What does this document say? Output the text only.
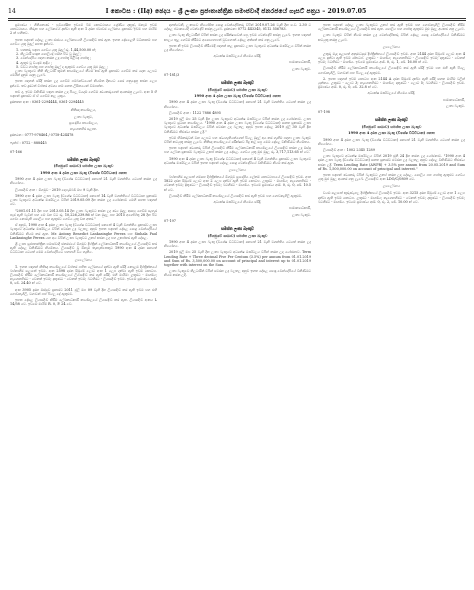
14	I කොටස : (IIඅ) ඡෙදය – ශ්‍රී ලංකා ප්‍රජාතාන්ත්‍රික සමාජවාදී ජනරජයේ ගැසට් පත්‍රය – 2019.07.05
ප්‍රමාණය : ගිනිකොණ - සුවිශේෂිත ඉඩමේ බිම් කොට්ඨාශය ශ්‍රේණිය දකුණු ඕනෑම ඉඩම් කොට්ඨාශය. නිරුත සහ ලේඛනයේ දක්වා ඇති අංක 1 දරන ස්ථාවර ලේඛනය ප්‍රකාරව ඉඩම් සහ මායිම් 2 ක් සහිතව.
ඉහත සඳහන් දේපළ ලංකා රාජ්‍යය ලේඛනයෙහි ලියාපදිංචි කර ඇත. ඉහත දේපළෙහි වටිනාකම සහ ගෙවිය යුතු මුදල් පහත දැක්වේ.
1. සහකරු සඳහා ගෙවිය යුතු මුදල් රු. 1,44,500.00 ක්;
2. නිලධාරී පාදක පොලියද සමඟ සිට වූ මුදල් ;
3. වෙන්දේසිය සඳහා කරන ලද ගාස්තු පිළිබඳ ගාස්තු ;
4. ඇතුළු වූ වියදම් ආදිය ;
5. විවිධ ගාස්තු සහ ගාස්තු මුදල් ද ඇතුළුව ගෙවිය යුතු මුළු මුදල ;
ලංකා බැංකුවේ නීති නිලධාරී තුමන් කාර්යාලයේ නියම කර ඇති ප්‍රකාරව ගෙවීම් කර දෙන ලෙසට මෙයින් දැනුම් දෙනු ලැබේ.
ඉහත සඳහන් පරිදි කරන ලද ගෙවීම් සම්බන්ධයෙන් නියමිත දිනයට පෙර ගනුදෙනු කරන ලෙස දැන්වේ. තව දුරටත් විස්තර අවශ්‍ය නම් පහත ලිපිනයෙන් විමසන්න.
තව ද, ඉඩම විකිණීම සඳහා කරන ලද සියලු වියදම් ගෙවීම ණයකරුගෙන් අයකරනු ලැබේ. අංක 5 හි සඳහන් ප්‍රකාරව ඒ ඒ ගෙවීම් කළ යුතුය.
දුරකතන අංක : 0361-2294444, 0361-2294445
නීතිඥ කාර්යාලය,
ලංකා බැංකුව,
ප්‍රාදේශීය කාර්යාලය,
නැගෙනහිර පළාත.
දුරකථන : 0777-978464 / 0718-424478
ෆැක්ස් : 0712 - 888445
07-166
සමස්ත ලංකා බැංකුව
(මීගමුවේ ශාඛාව) සමස්ත ලංකා බැංකුව
1990 අංක 4 දරන ලංකා බැංකු (විශේෂ විධිවිධාන) පනත
1990 අංක 4 දරන ලංකා බැංකු (විශේෂ විධිවිධාන) පනතේ 21 වැනි වගන්තිය යටතේ කරන ලද නියෝගය.
ලියාපදිංචි අංක : මීගමුව - 2019 දෙසැම්බර් මස 9 වැනි දින.
1990 අංක 4 දරන ලංකා බැංකු (විශේෂ විධිවිධාන) පනතේ 14 වැනි වගන්තියේ විධිවිධාන ප්‍රකාරව ලංකා බැංකුවේ අධ්‍යක්ෂ මණ්ඩලය විසින් 2019.05.09 දින කරන ලද යෝජනාව මෙහි පහත සඳහන් වේ.
"2001.01.11 දින සහ 2013.05.14 දින ලංකා බැංකුවට කරන ලද ණය මුදල ආපසු ගෙවීම පැහැර හැර ඇති බැවින් සහ මේ වන විට රු. 10,226,239.86 ක් වන මුදල සහ 2015 අගෝස්තු 28 දින සිට ගෙවා නොමැති පොලිය සහ ඇතුළුව ගෙවිය යුතු වන අතර."
ඒ අනුව, 1990 අංක 4 දරන ලංකා බැංකු (විශේෂ විධිවිධාන) පනතේ 4 වැනි වගන්තිය ප්‍රකාරව ලංකා බැංකුවේ අධ්‍යක්ෂ මණ්ඩලය විසින් පවරන ලද බලතල අනුව ඉහත සඳහන් දේපළ පොදු වෙන්දේසියේ විකිණීමට නියම කර ඇත. Mr. Antony Benedict Lankasinghe Perera සහ Sinhala Paul Lankasinghe Perera යන අය විසින් ලංකා බැංකුවට උකස් කරන ලද සහ උකස්කර ඇති දේපළ.
ශ්‍රී ලංකා ප්‍රජාතාන්ත්‍රික සමාජවාදී ජනරජයේ මීගමුව දිස්ත්‍රික් ලේඛකාධිකාරී කාර්යාලයේ ලියාපදිංචි කර ඇති දේපළ විකිණීමට නියමිතය. ලියාපදිංචි වූ ඕනෑම තැනැත්තෙකුට 1990 අංක 4 දරන පනතේ විධිවිධාන යටතේ මෙම වෙන්දේසියට සහභාගී විය හැකිය.
උපලේඛනය
1. ඉහත සඳහන් නීතිඥ කාර්යාලයේ විස්තර සහිත ලේඛනයේ දක්වා ඇති පරිදි කොළඹ දිස්ත්‍රික්කයේ බස්නාහිර පළාතේ ඉඩම. අංක 2598 දරන පිඹුරේ ලොට් අංක 1 ලෙස දක්වා ඇති ඉඩම් කොටස. ලියාපදිංචි කිරීම් ලේඛකාධිකාරී කාර්යාලයේ ලියාපදිංචි කර ඇති පරිදි. එහි මායිම්: උතුරට - මාර්ගය; නැගෙනහිරට - වෙනත් ඉඩම; දකුණට - වෙනත් ඉඩම; බටහිරට - ලියාපදිංචි ඉඩම. ඉඩමේ ප්‍රමාණය ආර්. 0, පර්. 24.40 ක් වේ.
අංක 3905 දරන ඔප්පුව ප්‍රකාරව 2011 ජූලි මස 09 වැනි දින ලියාපදිංචි කර ඇති ඉඩම සහ එහි ගොඩනැගිලි, වගාවන් සහ සියලු දේ ඇතුළුව.
ඉහත දේපළ ලියාපදිංචි කිරීම් ලේඛකාධිකාරී කාර්යාලයේ ලියාපදිංචි කර ඇත. ලියාපදිංචි අංකය L 14/58 වේ. ඉඩමේ මායිම් R. 0, P. 24 වේ.
දාහත්වෙනි, ලංකාවේ නියෝජිත පොදු වෙන්දේසිකරු විසින් 2019.07.26 වැනි දින ප.ව. 2.30 ට දේපළ ස්ථානයේදී වෙන්දේසි කරනු ලැබේ. දුරකථන: 0772 443345, 0112 556783.
ලංකා බැංකු නිලධාරීන් විසින් කරන ලද පරීක්ෂාවෙන් පසු ඉඩම වෙන්දේසි කරනු ලැබේ. ඉහත සඳහන් කාලය තුළ ගෙවීම් කිරීමට අපොහොසත් වුවහොත් දේපළ අත්පත් කර ගනු ලැබේ.
ඉහත කී ඉඩම ලියාපදිංචි කිරීමේදී සඳහන් කළ ප්‍රකාරව ලංකා බැංකුවේ අධ්‍යක්ෂ මණ්ඩලය විසින් කරන ලද නියෝගය.
අධ්‍යක්ෂ මණ්ඩලයේ නියමය පරිදි,
සාමාන්‍යාධිකාරී,
ලංකා බැංකුව.
07-181/3
සමස්ත ලංකා බැංකුව
(මීගමුවේ ශාඛාව) සමස්ත ලංකා බැංකුව
1990 අංක 4 දරන ලංකා බැංකු (විශේෂ විධිවිධාන) පනත
1990 අංක 4 දරන ලංකා බැංකු (විශේෂ විධිවිධාන) පනතේ 21 වැනි වගන්තිය යටතේ කරන ලද නියෝගය.
ලියාපදිංචි අංක : 1122 7886 4895
2019 ජූලි මස 25 වැනි දින ලංකා බැංකුවේ අධ්‍යක්ෂ මණ්ඩලය විසින් කරන ලද යෝජනාව. ලංකා බැංකුවේ ප්‍රධාන කාර්යාලය. "1990 අංක 4 දරන ලංකා බැංකු (විශේෂ විධිවිධාන) පනත ප්‍රකාරව ලංකා බැංකුවේ අධ්‍යක්ෂ මණ්ඩලය විසින් පවරන ලද බලතල අනුව ඉහත දේපළ 2019 ජූලි 30 වැනි දින විකිණීමට තීරණය කරන ලදී."
ඉඩම් හිමිකරුවන් වන ලෙසට සහ ණයගැතියන්ගෙන් සියලු මුදල් අය කර ගැනීම සඳහා ලංකා බැංකුව විසින් කටයුතු කරනු ලැබේ. නීතිඥ කාර්යාලයේ පරීක්ෂාව සිදු කළ පසු මෙම දේපළ විකිණීමට නියමිතය.
ඉහත සඳහන් ණයකරු විසින් ලියාපදිංචි කිරීම් ලේඛකාධිකාරී කාර්යාලයේ ලියාපදිංචි කරන ලද ඔප්පු සහ ලේඛන ප්‍රකාරව බැංකුවට උකස් කරන ලද දේපළ. ගෙවිය යුතු මුළු මුදල රු. 3,717,113.65 ක් වේ.
1990 අංක 4 දරන ලංකා බැංකු (විශේෂ විධිවිධාන) පනතේ 4 වැනි වගන්තිය ප්‍රකාරව ලංකා බැංකුවේ අධ්‍යක්ෂ මණ්ඩලය විසින් ඉහත සඳහන් දේපළ පොදු වෙන්දේසියේ විකිණීමට නියම කර ඇත.
උපලේඛනය
බස්නාහිර පළාතේ ගම්පහ දිස්ත්‍රික්කයේ මීගමුව ප්‍රාදේශීය ලේකම් කොට්ඨාසයේ ලියාපදිංචි ඉඩම. අංක 1822 දරන පිඹුරේ ලොට් අංක 2 ලෙස දක්වා ඇති ඉඩම් කොටස. උතුරට - මාර්ගය; නැගෙනහිරට - වෙනත් ඉඩම; දකුණට - ලියාපදිංචි ඉඩම; බටහිරට - මාර්ගය. ඉඩමේ ප්‍රමාණය ආර්. 0, රූ. 0, පර්. 10.5 ක් වේ.
ලියාපදිංචි කිරීම් ලේඛකාධිකාරී කාර්යාලයේ ලියාපදිංචි කර ඇති ඉඩම සහ ගොඩනැගිලි ඇතුළුව.
අධ්‍යක්ෂ මණ්ඩලයේ නියමය පරිදි,
සාමාන්‍යාධිකාරී,
ලංකා බැංකුව.
07-197
සමස්ත ලංකා බැංකුව
(මීගමුවේ ශාඛාව) සමස්ත ලංකා බැංකුව
1990 අංක 4 දරන ලංකා බැංකු (විශේෂ විධිවිධාන) පනතේ 21 වැනි වගන්තිය යටතේ කරන ලද නියෝගය.
2019 ජූලි මස 25 වැනි දින ලංකා බැංකුවේ අධ්‍යක්ෂ මණ්ඩලය විසින් කරන ලද යෝජනාව. Term Lending Rate + Three decimal Five Per Centum (3.5%) per annum from 01.01.2019 and Sum of Rs. 3,500,000.00 on account of principal and interest up to 01.01.2019 together with interest on the Sum.
ලංකා බැංකුවේ නිලධාරීන් විසින් පවරන ලද බලතල අනුව ඉහත දේපළ පොදු වෙන්දේසියේ විකිණීමට නියම කරන ලදී.
ඉහත සඳහන් දේපළ ලංකා බැංකුවට උකස් කර ඇති ඉඩම් සහ ගොඩනැගිලි ලියාපදිංචි කිරීම් ලේඛකාධිකාරී කාර්යාලයේ ලියාපදිංචි කර ඇත. පොලිය සහ ගාස්තු ඇතුළුව මුළු මුදල අයකර ගනු ලැබේ.
ලංකා බැංකුව විසින් නියම කරන ලද වෙන්දේසිකරු විසින් දේපළ පොදු වෙන්දේසියේ විකිණීමට කටයුතු කරනු ලැබේ.
උපලේඛනය
උතුරු මැද පළාතේ අනුරාධපුර දිස්ත්‍රික්කයේ ලියාපදිංචි ඉඩම. අංක 2144 දරන පිඹුරේ ලොට් අංක 4 ලෙස දක්වා ඇති ඉඩම් කොටස. උතුරට - මාර්ගය; නැගෙනහිරට - ලියාපදිංචි ඉඩම; දකුණට - වෙනත් ඉඩම; බටහිරට - මාර්ගය. ඉඩමේ ප්‍රමාණය ආර්. 0, රූ. 1, පර්. 16.00 ක් වේ.
ලියාපදිංචි කිරීම් ලේඛකාධිකාරී කාර්යාලයේ ලියාපදිංචි කර ඇති පරිදි ඉඩම සහ එහි ඇති සියලු ගොඩනැගිලි, වගාවන් සහ සියලු දේ ඇතුළුව.
2. ඉහත සඳහන් ඉඩම් කොටස අංක 2144 A දරන පිඹුරේ දක්වා ඇති පරිදි පහත මායිම් වලින් යුක්තය. උතුරට - ලොට් 3; නැගෙනහිරට - මාර්ගය; දකුණට - ලොට් 5; බටහිරට - ලියාපදිංචි ඉඩම. ප්‍රමාණය ආර්. 0, රූ. 0, පර්. 32.8 ක් වේ.
අධ්‍යක්ෂ මණ්ඩලයේ නියමය පරිදි,
සාමාන්‍යාධිකාරී,
ලංකා බැංකුව.
07-198
සමස්ත ලංකා බැංකුව
(මීගමුවේ ශාඛාව) සමස්ත ලංකා බැංකුව
1990 අංක 4 දරන ලංකා බැංකු (විශේෂ විධිවිධාන) පනත
1990 අංක 4 දරන ලංකා බැංකු (විශේෂ විධිවිධාන) පනතේ 21 වැනි වගන්තිය යටතේ කරන ලද නියෝගය.
ලියාපදිංචි අංක : 1002 2345 1289
ලංකා බැංකුවේ අධ්‍යක්ෂ මණ්ඩලය විසින් 2019 ජූනි 24 දින කරන ලද යෝජනාව. "1990 අංක 4 දරන ලංකා බැංකු (විශේෂ විධිවිධාන) පනත ප්‍රකාරව පවරන ලද බලතල අනුව දේපළ විකිණීමට තීරණය කරන ලදී. Term Lending Rate (AWPR) + 3.5% per annum from 20.05.2019 and Sum of Rs. 1,500,000.00 on account of principal and interest."
ඉහත සඳහන් ණයකරු විසින් බැංකුවට උකස් කරන ලද දේපළ. පොලිය සහ ගාස්තු ඇතුළුව ගෙවිය යුතු මුළු මුදල අයකර ගනු ලැබේ. ලියාපදිංචි අංක LDO/C/0809 වේ.
උපලේඛනය
වයඹ පළාතේ කුරුණෑගල දිස්ත්‍රික්කයේ ලියාපදිංචි ඉඩම. අංක 3215 දරන පිඹුරේ ලොට් අංක 1 ලෙස දක්වා ඇති ඉඩම් කොටස. උතුරට - මාර්ගය; නැගෙනහිරට - වෙනත් ඉඩම; දකුණට - ලියාපදිංචි ඉඩම; බටහිරට - මාර්ගය. ඉඩමේ ප්‍රමාණය ආර්. 0, රූ. 2, පර්. 10.00 ක් වේ.
